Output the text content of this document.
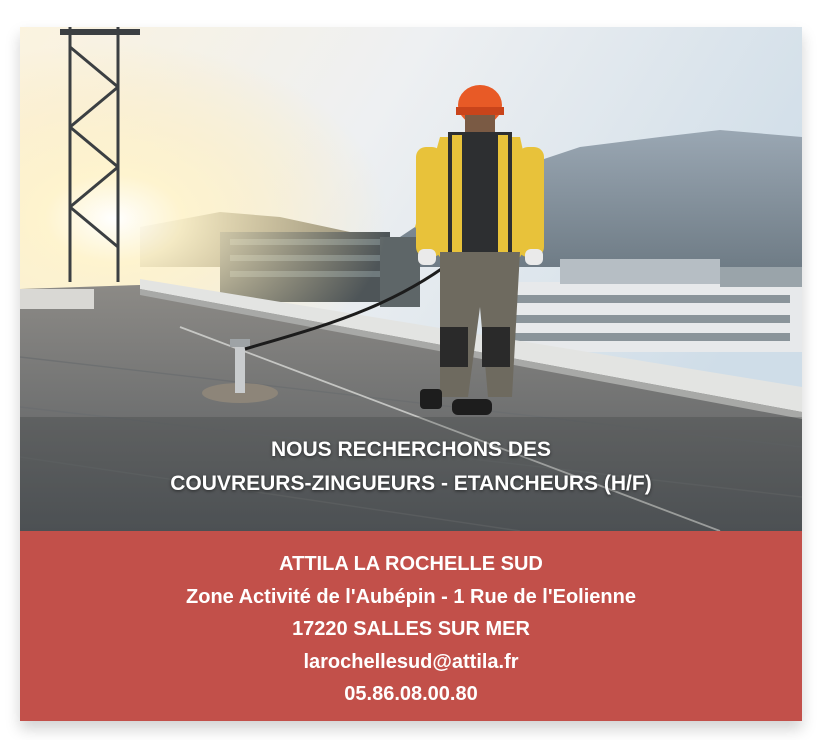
NOUS RECHERCHONS DES
COUVREURS-ZINGUEURS - ETANCHEURS (H/F)
ATTILA LA ROCHELLE SUD
Zone Activité de l'Aubépin - 1 Rue de l'Eolienne
17220 SALLES SUR MER
larochellesud@attila.fr
05.86.08.00.80
